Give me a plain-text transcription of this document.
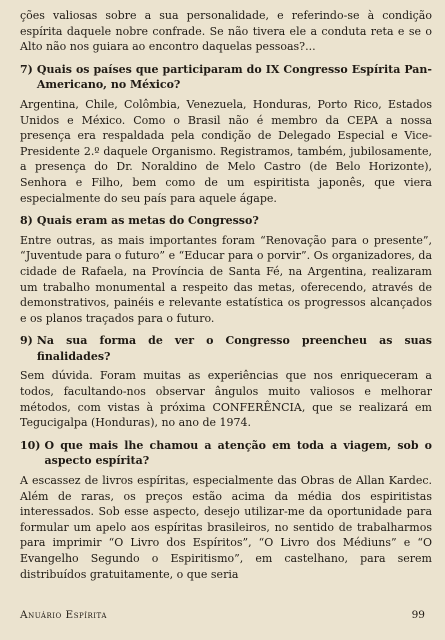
ções valiosas sobre a sua personalidade, e referindo-se à condição espírita daquele nobre confrade. Se não tivera ele a conduta reta e se o Alto não nos guiara ao encontro daquelas pessoas?...

7) Quais os países que participaram do IX Congresso Espírita Pan-Americano, no México?

Argentina, Chile, Colômbia, Venezuela, Honduras, Porto Rico, Estados Unidos e México. Como o Brasil não é membro da CEPA a nossa presença era respaldada pela condição de Delegado Especial e Vice-Presidente 2.º daquele Organismo. Registramos, também, jubilosamente, a presença do Dr. Noraldino de Melo Castro (de Belo Horizonte), Senhora e Filho, bem como de um espiritista japonês, que viera especialmente do seu país para aquele ágape.

8) Quais eram as metas do Congresso?

Entre outras, as mais importantes foram “Renovação para o presente”, “Juventude para o futuro” e “Educar para o porvir”. Os organizadores, da cidade de Rafaela, na Província de Santa Fé, na Argentina, realizaram um trabalho monumental a respeito das metas, oferecendo, através de demonstrativos, painéis e relevante estatística os progressos alcançados e os planos traçados para o futuro.

9) Na sua forma de ver o Congresso preencheu as suas finalidades?

Sem dúvida. Foram muitas as experiências que nos enriqueceram a todos, facultando-nos observar ângulos muito valiosos e melhorar métodos, com vistas à próxima CONFERÊNCIA, que se realizará em Tegucigalpa (Honduras), no ano de 1974.

10) O que mais lhe chamou a atenção em toda a viagem, sob o aspecto espírita?

A escassez de livros espíritas, especialmente das Obras de Allan Kardec. Além de raras, os preços estão acima da média dos espiritistas interessados. Sob esse aspecto, desejo utilizar-me da oportunidade para formular um apelo aos espíritas brasileiros, no sentido de trabalharmos para imprimir “O Livro dos Espíritos”, “O Livro dos Médiuns” e “O Evangelho Segundo o Espiritismo”, em castelhano, para serem distribuídos gratuitamente, o que seria

Anuário Espírita	99
